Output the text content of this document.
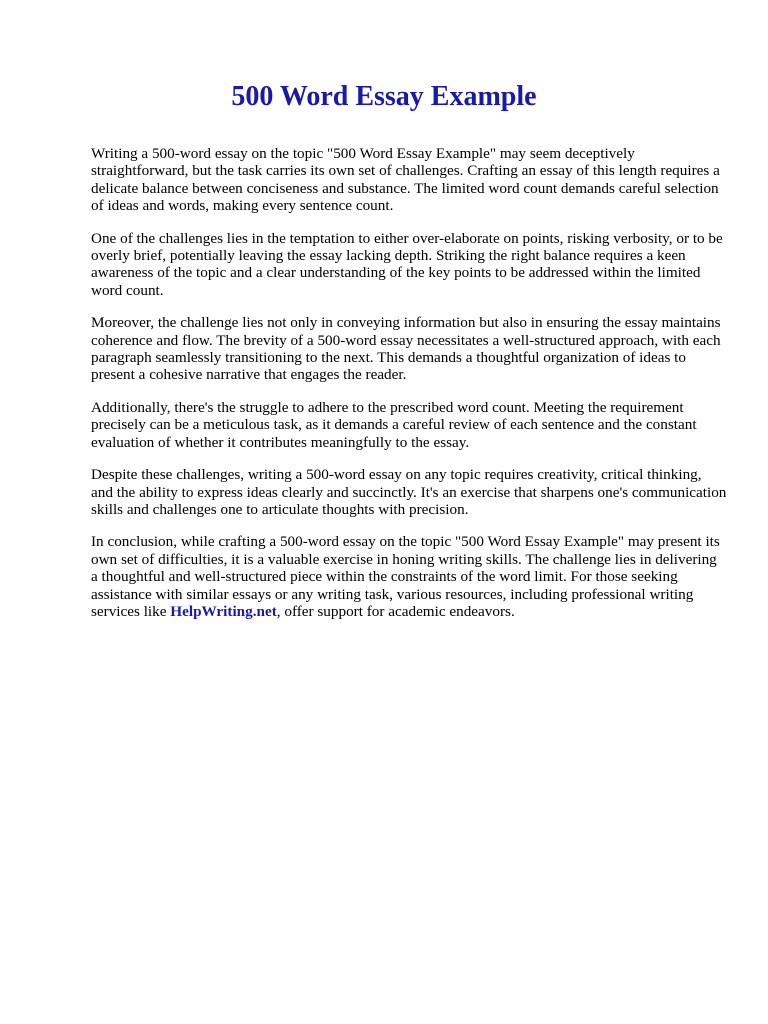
500 Word Essay Example

Writing a 500-word essay on the topic "500 Word Essay Example" may seem deceptively straightforward, but the task carries its own set of challenges. Crafting an essay of this length requires a delicate balance between conciseness and substance. The limited word count demands careful selection of ideas and words, making every sentence count.

One of the challenges lies in the temptation to either over-elaborate on points, risking verbosity, or to be overly brief, potentially leaving the essay lacking depth. Striking the right balance requires a keen awareness of the topic and a clear understanding of the key points to be addressed within the limited word count.

Moreover, the challenge lies not only in conveying information but also in ensuring the essay maintains coherence and flow. The brevity of a 500-word essay necessitates a well-structured approach, with each paragraph seamlessly transitioning to the next. This demands a thoughtful organization of ideas to present a cohesive narrative that engages the reader.

Additionally, there's the struggle to adhere to the prescribed word count. Meeting the requirement precisely can be a meticulous task, as it demands a careful review of each sentence and the constant evaluation of whether it contributes meaningfully to the essay.

Despite these challenges, writing a 500-word essay on any topic requires creativity, critical thinking, and the ability to express ideas clearly and succinctly. It's an exercise that sharpens one's communication skills and challenges one to articulate thoughts with precision.

In conclusion, while crafting a 500-word essay on the topic "500 Word Essay Example" may present its own set of difficulties, it is a valuable exercise in honing writing skills. The challenge lies in delivering a thoughtful and well-structured piece within the constraints of the word limit. For those seeking assistance with similar essays or any writing task, various resources, including professional writing services like HelpWriting.net, offer support for academic endeavors.
